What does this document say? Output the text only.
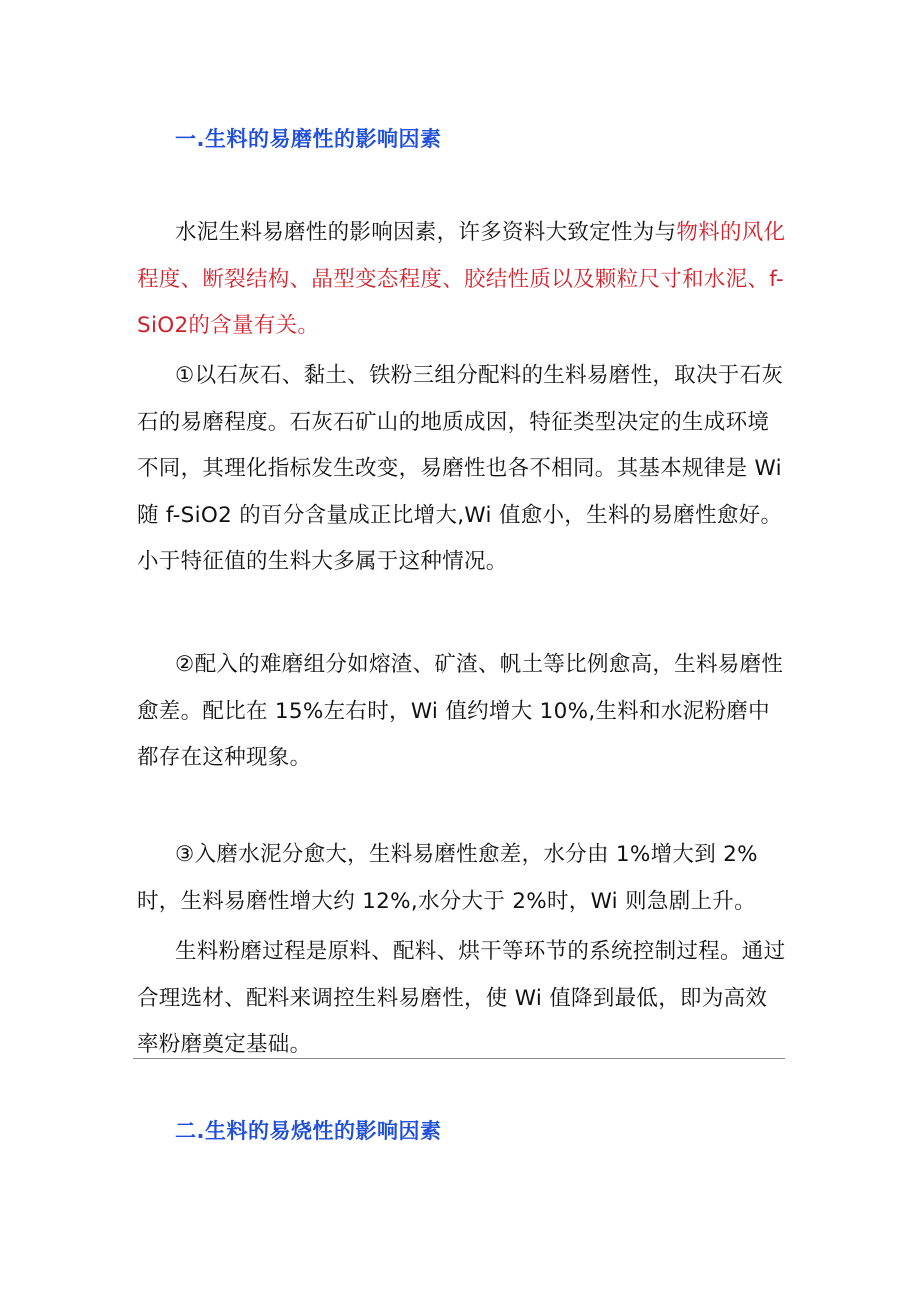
一.生料的易磨性的影响因素

水泥生料易磨性的影响因素，许多资料大致定性为与物料的风化程度、断裂结构、晶型变态程度、胶结性质以及颗粒尺寸和水泥、f-SiO2的含量有关。

①以石灰石、黏土、铁粉三组分配料的生料易磨性，取决于石灰石的易磨程度。石灰石矿山的地质成因，特征类型决定的生成环境不同，其理化指标发生改变，易磨性也各不相同。其基本规律是 Wi 随 f-SiO2 的百分含量成正比增大,Wi 值愈小，生料的易磨性愈好。小于特征值的生料大多属于这种情况。

②配入的难磨组分如熔渣、矿渣、帆土等比例愈高，生料易磨性愈差。配比在 15%左右时，Wi 值约增大 10%,生料和水泥粉磨中都存在这种现象。

③入磨水泥分愈大，生料易磨性愈差，水分由 1%增大到 2%时，生料易磨性增大约 12%,水分大于 2%时，Wi 则急剧上升。

生料粉磨过程是原料、配料、烘干等环节的系统控制过程。通过合理选材、配料来调控生料易磨性，使 Wi 值降到最低，即为高效率粉磨奠定基础。

二.生料的易烧性的影响因素
